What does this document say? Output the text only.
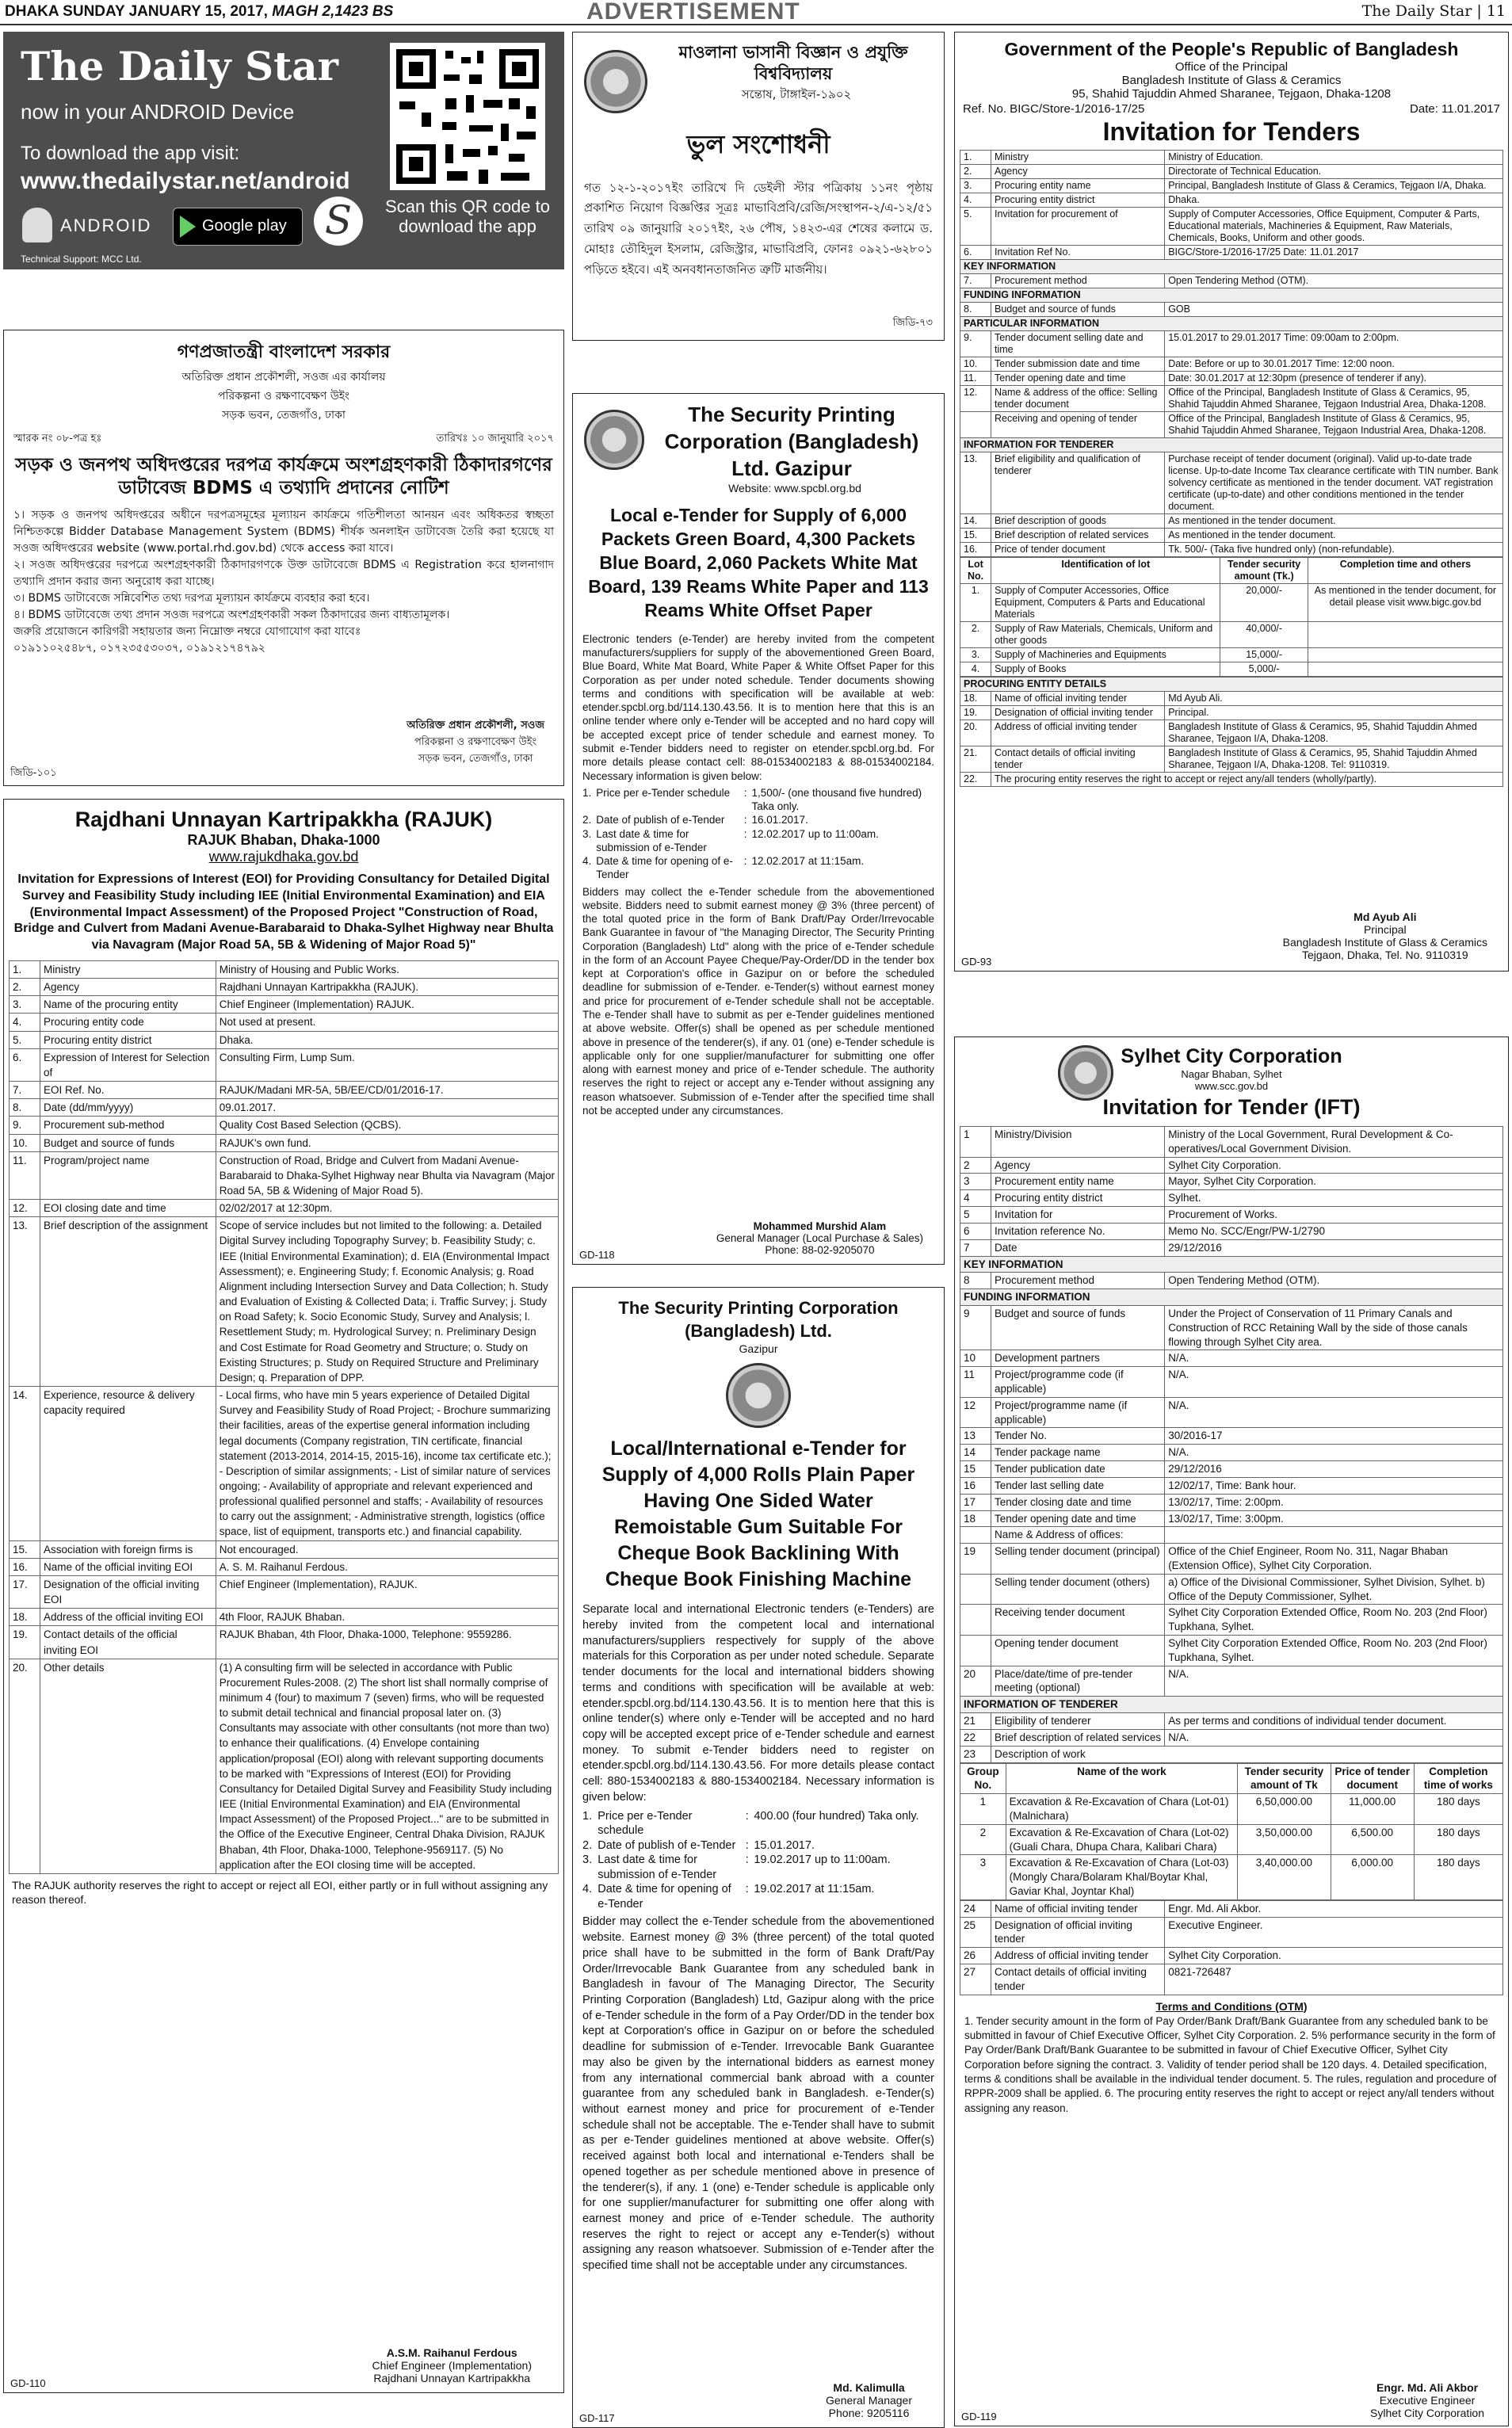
DHAKA SUNDAY JANUARY 15, 2017, MAGH 2,1423 BS	ADVERTISEMENT	The Daily Star | 11
The Daily Star
now in your ANDROID Device
To download the app visit:
www.thedailystar.net/android
ANDROID	Google play S	Scan this QR code to download the app
Technical Support: MCC Ltd.
গণপ্রজাতন্ত্রী বাংলাদেশ সরকার
অতিরিক্ত প্রধান প্রকৌশলী, সওজ এর কার্যালয়
পরিকল্পনা ও রক্ষণাবেক্ষণ উইং
সড়ক ভবন, তেজগাঁও, ঢাকা
স্মারক নং ০৮-পত্র হঃ	তারিখঃ ১০ জানুয়ারি ২০১৭
সড়ক ও জনপথ অধিদপ্তরের দরপত্র কার্যক্রমে অংশগ্রহণকারী ঠিকাদারগণের ডাটাবেজ BDMS এ তথ্যাদি প্রদানের নোটিশ
১। সড়ক ও জনপথ অধিদপ্তরের অধীনে দরপত্রসমূহের মূল্যায়ন কার্যক্রমে গতিশীলতা আনয়ন এবং অধিকতর স্বচ্ছতা নিশ্চিতকল্পে Bidder Database Management System (BDMS) শীর্ষক অনলাইন ডাটাবেজ তৈরি করা হয়েছে যা সওজ অধিদপ্তরের website (www.portal.rhd.gov.bd) থেকে access করা যাবে।
২। সওজ অধিদপ্তরের দরপত্রে অংশগ্রহণকারী ঠিকাদারগণকে উক্ত ডাটাবেজে BDMS এ Registration করে হালনাগাদ তথ্যাদি প্রদান করার জন্য অনুরোধ করা যাচ্ছে।
৩। BDMS ডাটাবেজে সন্নিবেশিত তথ্য দরপত্র মূল্যায়ন কার্যক্রমে ব্যবহার করা হবে।
৪। BDMS ডাটাবেজে তথ্য প্রদান সওজ দরপত্রে অংশগ্রহণকারী সকল ঠিকাদারের জন্য বাধ্যতামূলক।
জরুরি প্রয়োজনে কারিগরী সহায়তার জন্য নিম্নোক্ত নম্বরে যোগাযোগ করা যাবেঃ
০১৯১১০২৫৪৮৭, ০১৭২৩৫৫৩০৩৭, ০১৯১২১৭৪৭৯২
অতিরিক্ত প্রধান প্রকৌশলী, সওজ
পরিকল্পনা ও রক্ষণাবেক্ষণ উইং
সড়ক ভবন, তেজগাঁও, ঢাকা
জিডি-১০১
Rajdhani Unnayan Kartripakkha (RAJUK)
RAJUK Bhaban, Dhaka-1000
www.rajukdhaka.gov.bd
Invitation for Expressions of Interest (EOI) for Providing Consultancy for Detailed Digital Survey and Feasibility Study including IEE (Initial Environmental Examination) and EIA (Environmental Impact Assessment) of the Proposed Project "Construction of Road, Bridge and Culvert from Madani Avenue-Barabaraid to Dhaka-Sylhet Highway near Bhulta via Navagram (Major Road 5A, 5B & Widening of Major Road 5)"
1.	Ministry	Ministry of Housing and Public Works.
2.	Agency	Rajdhani Unnayan Kartripakkha (RAJUK).
3.	Name of the procuring entity	Chief Engineer (Implementation) RAJUK.
4.	Procuring entity code	Not used at present.
5.	Procuring entity district	Dhaka.
6.	Expression of Interest for Selection of	Consulting Firm, Lump Sum.
7.	EOI Ref. No.	RAJUK/Madani MR-5A, 5B/EE/CD/01/2016-17.
8.	Date (dd/mm/yyyy)	09.01.2017.
9.	Procurement sub-method	Quality Cost Based Selection (QCBS).
10.	Budget and source of funds	RAJUK's own fund.
11.	Program/project name	Construction of Road, Bridge and Culvert from Madani Avenue-Barabaraid to Dhaka-Sylhet Highway near Bhulta via Navagram (Major Road 5A, 5B & Widening of Major Road 5).
12.	EOI closing date and time	02/02/2017 at 12:30pm.
13.	Brief description of the assignment	Scope of service includes but not limited to the following: a. Detailed Digital Survey including Topography Survey; b. Feasibility Study; c. IEE (Initial Environmental Examination); d. EIA (Environmental Impact Assessment); e. Engineering Study; f. Economic Analysis; g. Road Alignment including Intersection Survey and Data Collection; h. Study and Evaluation of Existing & Collected Data; i. Traffic Survey; j. Study on Road Safety; k. Socio Economic Study, Survey and Analysis; l. Resettlement Study; m. Hydrological Survey; n. Preliminary Design and Cost Estimate for Road Geometry and Structure; o. Study on Existing Structures; p. Study on Required Structure and Preliminary Design; q. Preparation of DPP.
14.	Experience, resource & delivery capacity required	- Local firms, who have min 5 years experience of Detailed Digital Survey and Feasibility Study of Road Project; - Brochure summarizing their facilities, areas of the expertise general information including legal documents (Company registration, TIN certificate, financial statement (2013-2014, 2014-15, 2015-16), income tax certificate etc.); - Description of similar assignments; - List of similar nature of services ongoing; - Availability of appropriate and relevant experienced and professional qualified personnel and staffs; - Availability of resources to carry out the assignment; - Administrative strength, logistics (office space, list of equipment, transports etc.) and financial capability.
15.	Association with foreign firms is	Not encouraged.
16.	Name of the official inviting EOI	A. S. M. Raihanul Ferdous.
17.	Designation of the official inviting EOI	Chief Engineer (Implementation), RAJUK.
18.	Address of the official inviting EOI	4th Floor, RAJUK Bhaban.
19.	Contact details of the official inviting EOI	RAJUK Bhaban, 4th Floor, Dhaka-1000, Telephone: 9559286.
20.	Other details	(1) A consulting firm will be selected in accordance with Public Procurement Rules-2008. (2) The short list shall normally comprise of minimum 4 (four) to maximum 7 (seven) firms, who will be requested to submit detail technical and financial proposal later on. (3) Consultants may associate with other consultants (not more than two) to enhance their qualifications. (4) Envelope containing application/proposal (EOI) along with relevant supporting documents to be marked with "Expressions of Interest (EOI) for Providing Consultancy for Detailed Digital Survey and Feasibility Study including IEE (Initial Environmental Examination) and EIA (Environmental Impact Assessment) of the Proposed Project..." are to be submitted in the Office of the Executive Engineer, Central Dhaka Division, RAJUK Bhaban, 4th Floor, Dhaka-1000, Telephone-9569117. (5) No application after the EOI closing time will be accepted.
The RAJUK authority reserves the right to accept or reject all EOI, either partly or in full without assigning any reason thereof.
A.S.M. Raihanul Ferdous
Chief Engineer (Implementation)
Rajdhani Unnayan Kartripakkha
GD-110
মাওলানা ভাসানী বিজ্ঞান ও প্রযুক্তি বিশ্ববিদ্যালয়
সন্তোষ, টাঙ্গাইল-১৯০২
ভুল সংশোধনী
গত ১২-১-২০১৭ইং তারিখে দি ডেইলী স্টার পত্রিকায় ১১নং পৃষ্ঠায় প্রকাশিত নিয়োগ বিজ্ঞপ্তির সূত্রঃ মাভাবিপ্রবি/রেজি/সংস্থাপন-২/এ-১২/৫১ তারিখ ০৯ জানুয়ারি ২০১৭ইং, ২৬ পৌষ, ১৪২৩-এর শেষের কলামে ড. মোহাঃ তৌহিদুল ইসলাম, রেজিস্ট্রার, মাভাবিপ্রবি, ফোনঃ ০৯২১-৬২৮০১ পড়িতে হইবে। এই অনবধানতাজনিত ত্রুটি মার্জনীয়।
জিডি-৭৩
The Security Printing Corporation (Bangladesh) Ltd. Gazipur
Website: www.spcbl.org.bd
Local e-Tender for Supply of 6,000 Packets Green Board, 4,300 Packets Blue Board, 2,060 Packets White Mat Board, 139 Reams White Paper and 113 Reams White Offset Paper
Electronic tenders (e-Tender) are hereby invited from the competent manufacturers/suppliers for supply of the abovementioned Green Board, Blue Board, White Mat Board, White Paper & White Offset Paper for this Corporation as per under noted schedule. Tender documents showing terms and conditions with specification will be available at web: etender.spcbl.org.bd/114.130.43.56. It is to mention here that this is an online tender where only e-Tender will be accepted and no hard copy will be accepted except price of tender schedule and earnest money. To submit e-Tender bidders need to register on etender.spcbl.org.bd. For more details please contact cell: 88-01534002183 & 88-01534002184. Necessary information is given below:
1.	Price per e-Tender schedule	:	1,500/- (one thousand five hundred) Taka only.
2.	Date of publish of e-Tender	:	16.01.2017.
3.	Last date & time for submission of e-Tender	:	12.02.2017 up to 11:00am.
4.	Date & time for opening of e-Tender	:	12.02.2017 at 11:15am.
Bidders may collect the e-Tender schedule from the abovementioned website. Bidders need to submit earnest money @ 3% (three percent) of the total quoted price in the form of Bank Draft/Pay Order/Irrevocable Bank Guarantee in favour of "the Managing Director, The Security Printing Corporation (Bangladesh) Ltd" along with the price of e-Tender schedule in the form of an Account Payee Cheque/Pay-Order/DD in the tender box kept at Corporation's office in Gazipur on or before the scheduled deadline for submission of e-Tender. e-Tender(s) without earnest money and price for procurement of e-Tender schedule shall not be acceptable. The e-Tender shall have to submit as per e-Tender guidelines mentioned at above website. Offer(s) shall be opened as per schedule mentioned above in presence of the tenderer(s), if any. 01 (one) e-Tender schedule is applicable only for one supplier/manufacturer for submitting one offer along with earnest money and price of e-Tender schedule. The authority reserves the right to reject or accept any e-Tender without assigning any reason whatsoever. Submission of e-Tender after the specified time shall not be accepted under any circumstances.
Mohammed Murshid Alam
General Manager (Local Purchase & Sales)
Phone: 88-02-9205070
GD-118
The Security Printing Corporation (Bangladesh) Ltd.
Gazipur
Local/International e-Tender for Supply of 4,000 Rolls Plain Paper Having One Sided Water Remoistable Gum Suitable For Cheque Book Backlining With Cheque Book Finishing Machine
Separate local and international Electronic tenders (e-Tenders) are hereby invited from the competent local and international manufacturers/suppliers respectively for supply of the above materials for this Corporation as per under noted schedule. Separate tender documents for the local and international bidders showing terms and conditions with specification will be available at web: etender.spcbl.org.bd/114.130.43.56. It is to mention here that this is online tender(s) where only e-Tender will be accepted and no hard copy will be accepted except price of e-Tender schedule and earnest money. To submit e-Tender bidders need to register on etender.spcbl.org.bd/114.130.43.56. For more details please contact cell: 880-1534002183 & 880-1534002184. Necessary information is given below:
1.	Price per e-Tender schedule	:	400.00 (four hundred) Taka only.
2.	Date of publish of e-Tender	:	15.01.2017.
3.	Last date & time for submission of e-Tender	:	19.02.2017 up to 11:00am.
4.	Date & time for opening of e-Tender	:	19.02.2017 at 11:15am.
Bidder may collect the e-Tender schedule from the abovementioned website. Earnest money @ 3% (three percent) of the total quoted price shall have to be submitted in the form of Bank Draft/Pay Order/Irrevocable Bank Guarantee from any scheduled bank in Bangladesh in favour of The Managing Director, The Security Printing Corporation (Bangladesh) Ltd, Gazipur along with the price of e-Tender schedule in the form of a Pay Order/DD in the tender box kept at Corporation's office in Gazipur on or before the scheduled deadline for submission of e-Tender. Irrevocable Bank Guarantee may also be given by the international bidders as earnest money from any international commercial bank abroad with a counter guarantee from any scheduled bank in Bangladesh. e-Tender(s) without earnest money and price for procurement of e-Tender schedule shall not be acceptable. The e-Tender shall have to submit as per e-Tender guidelines mentioned at above website. Offer(s) received against both local and international e-Tenders shall be opened together as per schedule mentioned above in presence of the tenderer(s), if any. 1 (one) e-Tender schedule is applicable only for one supplier/manufacturer for submitting one offer along with earnest money and price of e-Tender schedule. The authority reserves the right to reject or accept any e-Tender(s) without assigning any reason whatsoever. Submission of e-Tender after the specified time shall not be acceptable under any circumstances.
Md. Kalimulla
General Manager
Phone: 9205116
GD-117
Government of the People's Republic of Bangladesh
Office of the Principal
Bangladesh Institute of Glass & Ceramics
95, Shahid Tajuddin Ahmed Sharanee, Tejgaon, Dhaka-1208
Ref. No. BIGC/Store-1/2016-17/25	Date: 11.01.2017
Invitation for Tenders
1.	Ministry	Ministry of Education.
2.	Agency	Directorate of Technical Education.
3.	Procuring entity name	Principal, Bangladesh Institute of Glass & Ceramics, Tejgaon I/A, Dhaka.
4.	Procuring entity district	Dhaka.
5.	Invitation for procurement of	Supply of Computer Accessories, Office Equipment, Computer & Parts, Educational materials, Machineries & Equipment, Raw Materials, Chemicals, Books, Uniform and other goods.
6.	Invitation Ref No.	BIGC/Store-1/2016-17/25 Date: 11.01.2017
KEY INFORMATION		
7.	Procurement method	Open Tendering Method (OTM).
FUNDING INFORMATION		
8.	Budget and source of funds	GOB
PARTICULAR INFORMATION		
9.	Tender document selling date and time	15.01.2017 to 29.01.2017 Time: 09:00am to 2:00pm.
10.	Tender submission date and time	Date: Before or up to 30.01.2017 Time: 12:00 noon.
11.	Tender opening date and time	Date: 30.01.2017 at 12:30pm (presence of tenderer if any).
12.	Name & address of the office: Selling tender document	Office of the Principal, Bangladesh Institute of Glass & Ceramics, 95, Shahid Tajuddin Ahmed Sharanee, Tejgaon Industrial Area, Dhaka-1208.
	Receiving and opening of tender	Office of the Principal, Bangladesh Institute of Glass & Ceramics, 95, Shahid Tajuddin Ahmed Sharanee, Tejgaon Industrial Area, Dhaka-1208.
INFORMATION FOR TENDERER		
13.	Brief eligibility and qualification of tenderer	Purchase receipt of tender document (original). Valid up-to-date trade license. Up-to-date Income Tax clearance certificate with TIN number. Bank solvency certificate as mentioned in the tender document. VAT registration certificate (up-to-date) and other conditions mentioned in the tender document.
14.	Brief description of goods	As mentioned in the tender document.
15.	Brief description of related services	As mentioned in the tender document.
16.	Price of tender document	Tk. 500/- (Taka five hundred only) (non-refundable).
Lot No.	Identification of lot	Tender security amount (Tk.)	Completion time and others
1.	Supply of Computer Accessories, Office Equipment, Computers & Parts and Educational Materials	20,000/-	As mentioned in the tender document, for detail please visit www.bigc.gov.bd
2.	Supply of Raw Materials, Chemicals, Uniform and other goods	40,000/-	
3.	Supply of Machineries and Equipments	15,000/-	
4.	Supply of Books	5,000/-	
PROCURING ENTITY DETAILS		
18.	Name of official inviting tender	Md Ayub Ali.
19.	Designation of official inviting tender	Principal.
20.	Address of official inviting tender	Bangladesh Institute of Glass & Ceramics, 95, Shahid Tajuddin Ahmed Sharanee, Tejgaon I/A, Dhaka-1208.
21.	Contact details of official inviting tender	Bangladesh Institute of Glass & Ceramics, 95, Shahid Tajuddin Ahmed Sharanee, Tejgaon I/A, Dhaka-1208. Tel: 9110319.
22.	The procuring entity reserves the right to accept or reject any/all tenders (wholly/partly).	
Md Ayub Ali
Principal
Bangladesh Institute of Glass & Ceramics
Tejgaon, Dhaka, Tel. No. 9110319
GD-93
Sylhet City Corporation
Nagar Bhaban, Sylhet
www.scc.gov.bd
Invitation for Tender (IFT)
1	Ministry/Division	Ministry of the Local Government, Rural Development & Co-operatives/Local Government Division.
2	Agency	Sylhet City Corporation.
3	Procurement entity name	Mayor, Sylhet City Corporation.
4	Procuring entity district	Sylhet.
5	Invitation for	Procurement of Works.
6	Invitation reference No.	Memo No. SCC/Engr/PW-1/2790
7	Date	29/12/2016
KEY INFORMATION		
8	Procurement method	Open Tendering Method (OTM).
FUNDING INFORMATION		
9	Budget and source of funds	Under the Project of Conservation of 11 Primary Canals and Construction of RCC Retaining Wall by the side of those canals flowing through Sylhet City area.
10	Development partners	N/A.
11	Project/programme code (if applicable)	N/A.
12	Project/programme name (if applicable)	N/A.
13	Tender No.	30/2016-17
14	Tender package name	N/A.
15	Tender publication date	29/12/2016
16	Tender last selling date	12/02/17, Time: Bank hour.
17	Tender closing date and time	13/02/17, Time: 2:00pm.
18	Tender opening date and time	13/02/17, Time: 3:00pm.
	Name & Address of offices:	
19	Selling tender document (principal)	Office of the Chief Engineer, Room No. 311, Nagar Bhaban (Extension Office), Sylhet City Corporation.
	Selling tender document (others)	a) Office of the Divisional Commissioner, Sylhet Division, Sylhet. b) Office of the Deputy Commissioner, Sylhet.
	Receiving tender document	Sylhet City Corporation Extended Office, Room No. 203 (2nd Floor) Tupkhana, Sylhet.
	Opening tender document	Sylhet City Corporation Extended Office, Room No. 203 (2nd Floor) Tupkhana, Sylhet.
20	Place/date/time of pre-tender meeting (optional)	N/A.
INFORMATION OF TENDERER		
21	Eligibility of tenderer	As per terms and conditions of individual tender document.
22	Brief description of related services	N/A.
23	Description of work	
Group No.	Name of the work	Tender security amount of Tk	Price of tender document	Completion time of works
1	Excavation & Re-Excavation of Chara (Lot-01) (Malnichara)	6,50,000.00	11,000.00	180 days
2	Excavation & Re-Excavation of Chara (Lot-02) (Guali Chara, Dhupa Chara, Kalibari Chara)	3,50,000.00	6,500.00	180 days
3	Excavation & Re-Excavation of Chara (Lot-03) (Mongly Chara/Bolaram Khal/Boytar Khal, Gaviar Khal, Joyntar Khal)	3,40,000.00	6,000.00	180 days
24	Name of official inviting tender	Engr. Md. Ali Akbor.
25	Designation of official inviting tender	Executive Engineer.
26	Address of official inviting tender	Sylhet City Corporation.
27	Contact details of official inviting tender	0821-726487
Terms and Conditions (OTM)
1. Tender security amount in the form of Pay Order/Bank Draft/Bank Guarantee from any scheduled bank to be submitted in favour of Chief Executive Officer, Sylhet City Corporation. 2. 5% performance security in the form of Pay Order/Bank Draft/Bank Guarantee to be submitted in favour of Chief Executive Officer, Sylhet City Corporation before signing the contract. 3. Validity of tender period shall be 120 days. 4. Detailed specification, terms & conditions shall be available in the individual tender document. 5. The rules, regulation and procedure of RPPR-2009 shall be applied. 6. The procuring entity reserves the right to accept or reject any/all tenders without assigning any reason.
Engr. Md. Ali Akbor
Executive Engineer
Sylhet City Corporation
GD-119
